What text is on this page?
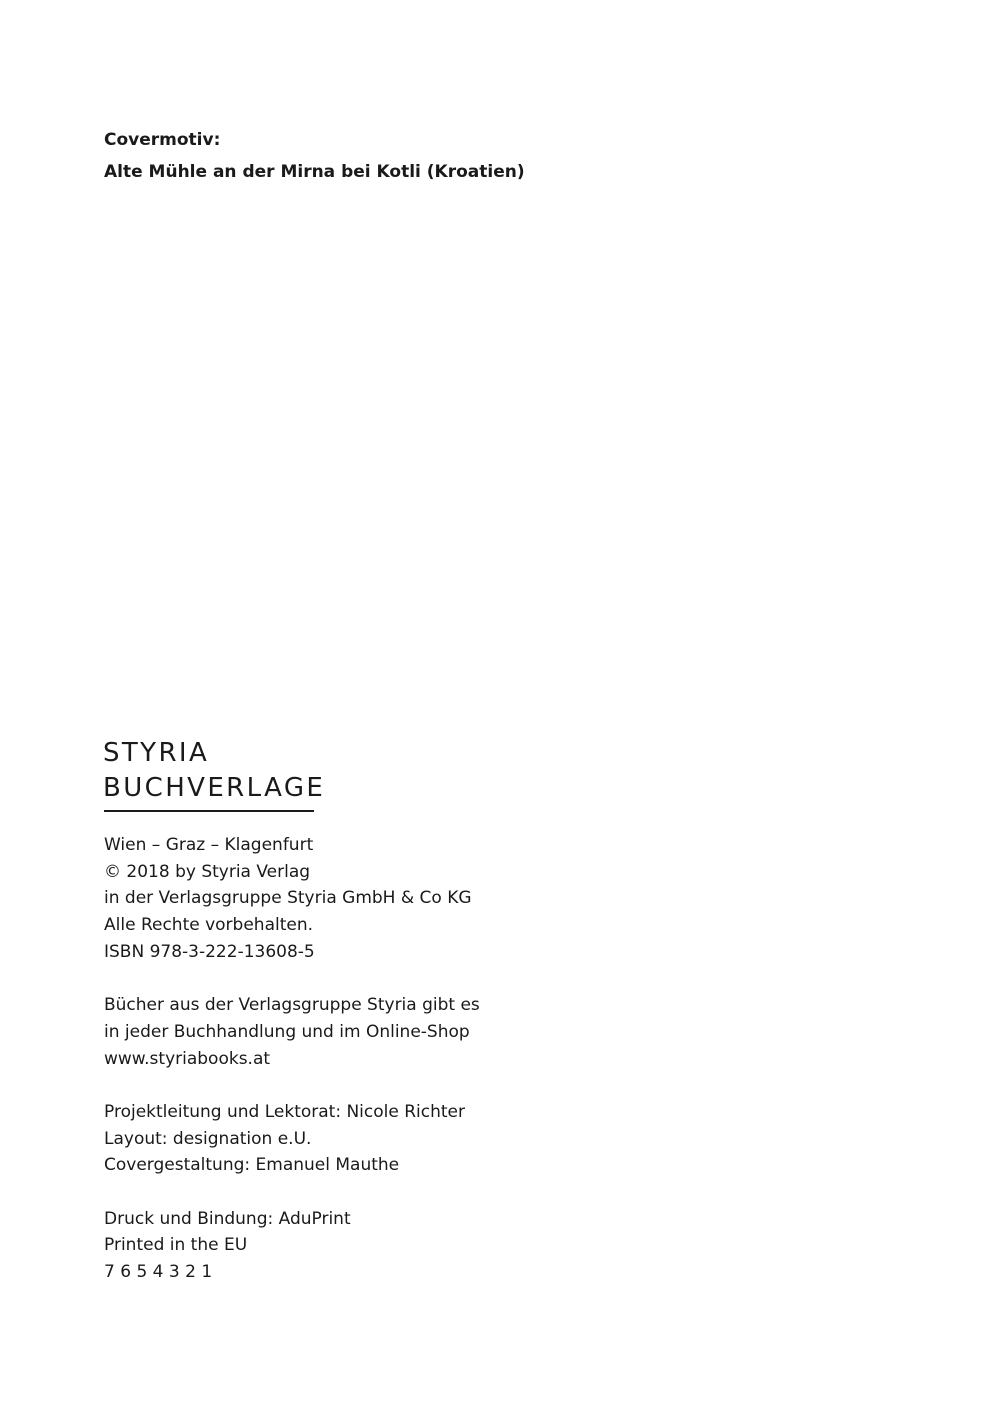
Covermotiv:
Alte Mühle an der Mirna bei Kotli (Kroatien)
STYRIA
BUCHVERLAGE
Wien – Graz – Klagenfurt
© 2018 by Styria Verlag
in der Verlagsgruppe Styria GmbH & Co KG
Alle Rechte vorbehalten.
ISBN 978-3-222-13608-5
Bücher aus der Verlagsgruppe Styria gibt es
in jeder Buchhandlung und im Online-Shop
www.styriabooks.at
Projektleitung und Lektorat: Nicole Richter
Layout: designation e.U.
Covergestaltung: Emanuel Mauthe
Druck und Bindung: AduPrint
Printed in the EU
7 6 5 4 3 2 1
